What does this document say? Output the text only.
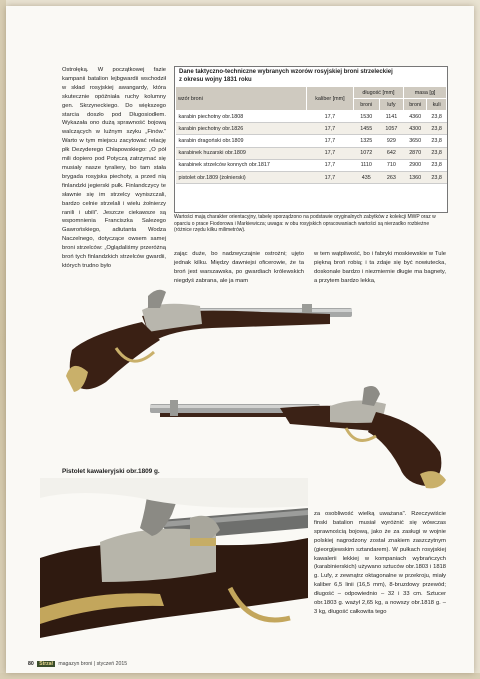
Ostrołęką. W początkowej fazie kampanii batalion lejbgwardii wschodził w skład rosyjskiej awangardy, która skutecznie opóźniała ruchy kolumny gen. Skrzyneckiego. Do większego starcia doszło pod Długosiodłem. Wykazała ono dużą sprawność bojową walczących w luźnym szyku „Finów.” Warto w tym miejscu zacytować relację płk Dezyderego Chłapowskiego: „O pół mili dopiero pod Potyczą zatrzymać się musiały nasze tyraliery, bo tam stała brygada rosyjska piechoty, a przed nią finlandzki jegierski pułk. Finlandczycy te sławnie się im strzelcy wyniszczali, bardzo celnie strzelali i wielu żołnierzy ranili i ubili”. Jeszcze ciekawsze są wspomnienia Franciszka Salezego Gawrońskiego, adiutanta Wodza Naczelnego, dotyczące owsem samej broni strzelców: „Oglądaliśmy przeróżną broń tych finlandzkich strzelców gwardii, których trudno było

Dane taktyczno-techniczne wybranych wzorów rosyjskiej broni strzeleckiej
z okresu wojny 1831 roku
wzór broni	kaliber [mm]	długość [mm]		masa [g]	
		broni	lufy	broni	kuli
karabin piechotny obr.1808	17,7	1530	1141	4360	23,8
karabin piechotny obr.1826	17,7	1455	1057	4300	23,8
karabin dragoński obr.1809	17,7	1325	929	3650	23,8
karabinek huzarski obr.1809	17,7	1072	642	2870	23,8
karabinek strzelców konnych obr.1817	17,7	1110	710	2900	23,8
pistolet obr.1809 (żołnierski)	17,7	435	263	1360	23,8
Wartości mają charakter orientacyjny, tabelę sporządzono na podstawie oryginalnych zabytków z kolekcji MWP oraz w oparciu o prace Fiodorowa i Markiewicza; uwaga: w obu rosyjskich opracowaniach wartości są nierzadko rozbieżne (różnice rzędu kilku milimetrów).

zając duże, bo nadzwyczajnie ostrożni; ujęto jednak kilku. Między dawniejsi oficerowie, że ta broń jest warszawska, po gwardiach królewskich niegdyś zabrana, ale ja mam

w tem wątpliwość, bo i fabryki moskiewskie w Tule piękną broń robią; i ta zdaje się być nowiutecka, doskonale bardzo i niezmiernie długie ma bagnety, a przytem bardzo lekka,

Pistolet kawaleryjski obr.1809 g.

za osobliwość wielką uważana". Rzeczywiście finski batalion musiał wyróżnić się wówczas sprawnością bojową, jako że za zasługi w wojnie polskiej nagrodzony został znakiem zaszczytnym (gieorgijewskim sztandarem). W pułkach rosyjskiej kawalerii lekkiej w kompaniach wybrańczych (karabinierskich) używano sztuców obr.1803 i 1818 g. Lufy, z zewnątrz oktagonalne w przekroju, miały kaliber 6,5 linii (16,5 mm), 8-bruzdowy przewód; długość – odpowiednio – 32 i 33 cm. Sztucer obr.1803 g. ważył 2,65 kg, a nowszy obr.1818 g. – 3 kg, długość całkowita tego

80 Strzał magazyn broni | styczeń 2015
